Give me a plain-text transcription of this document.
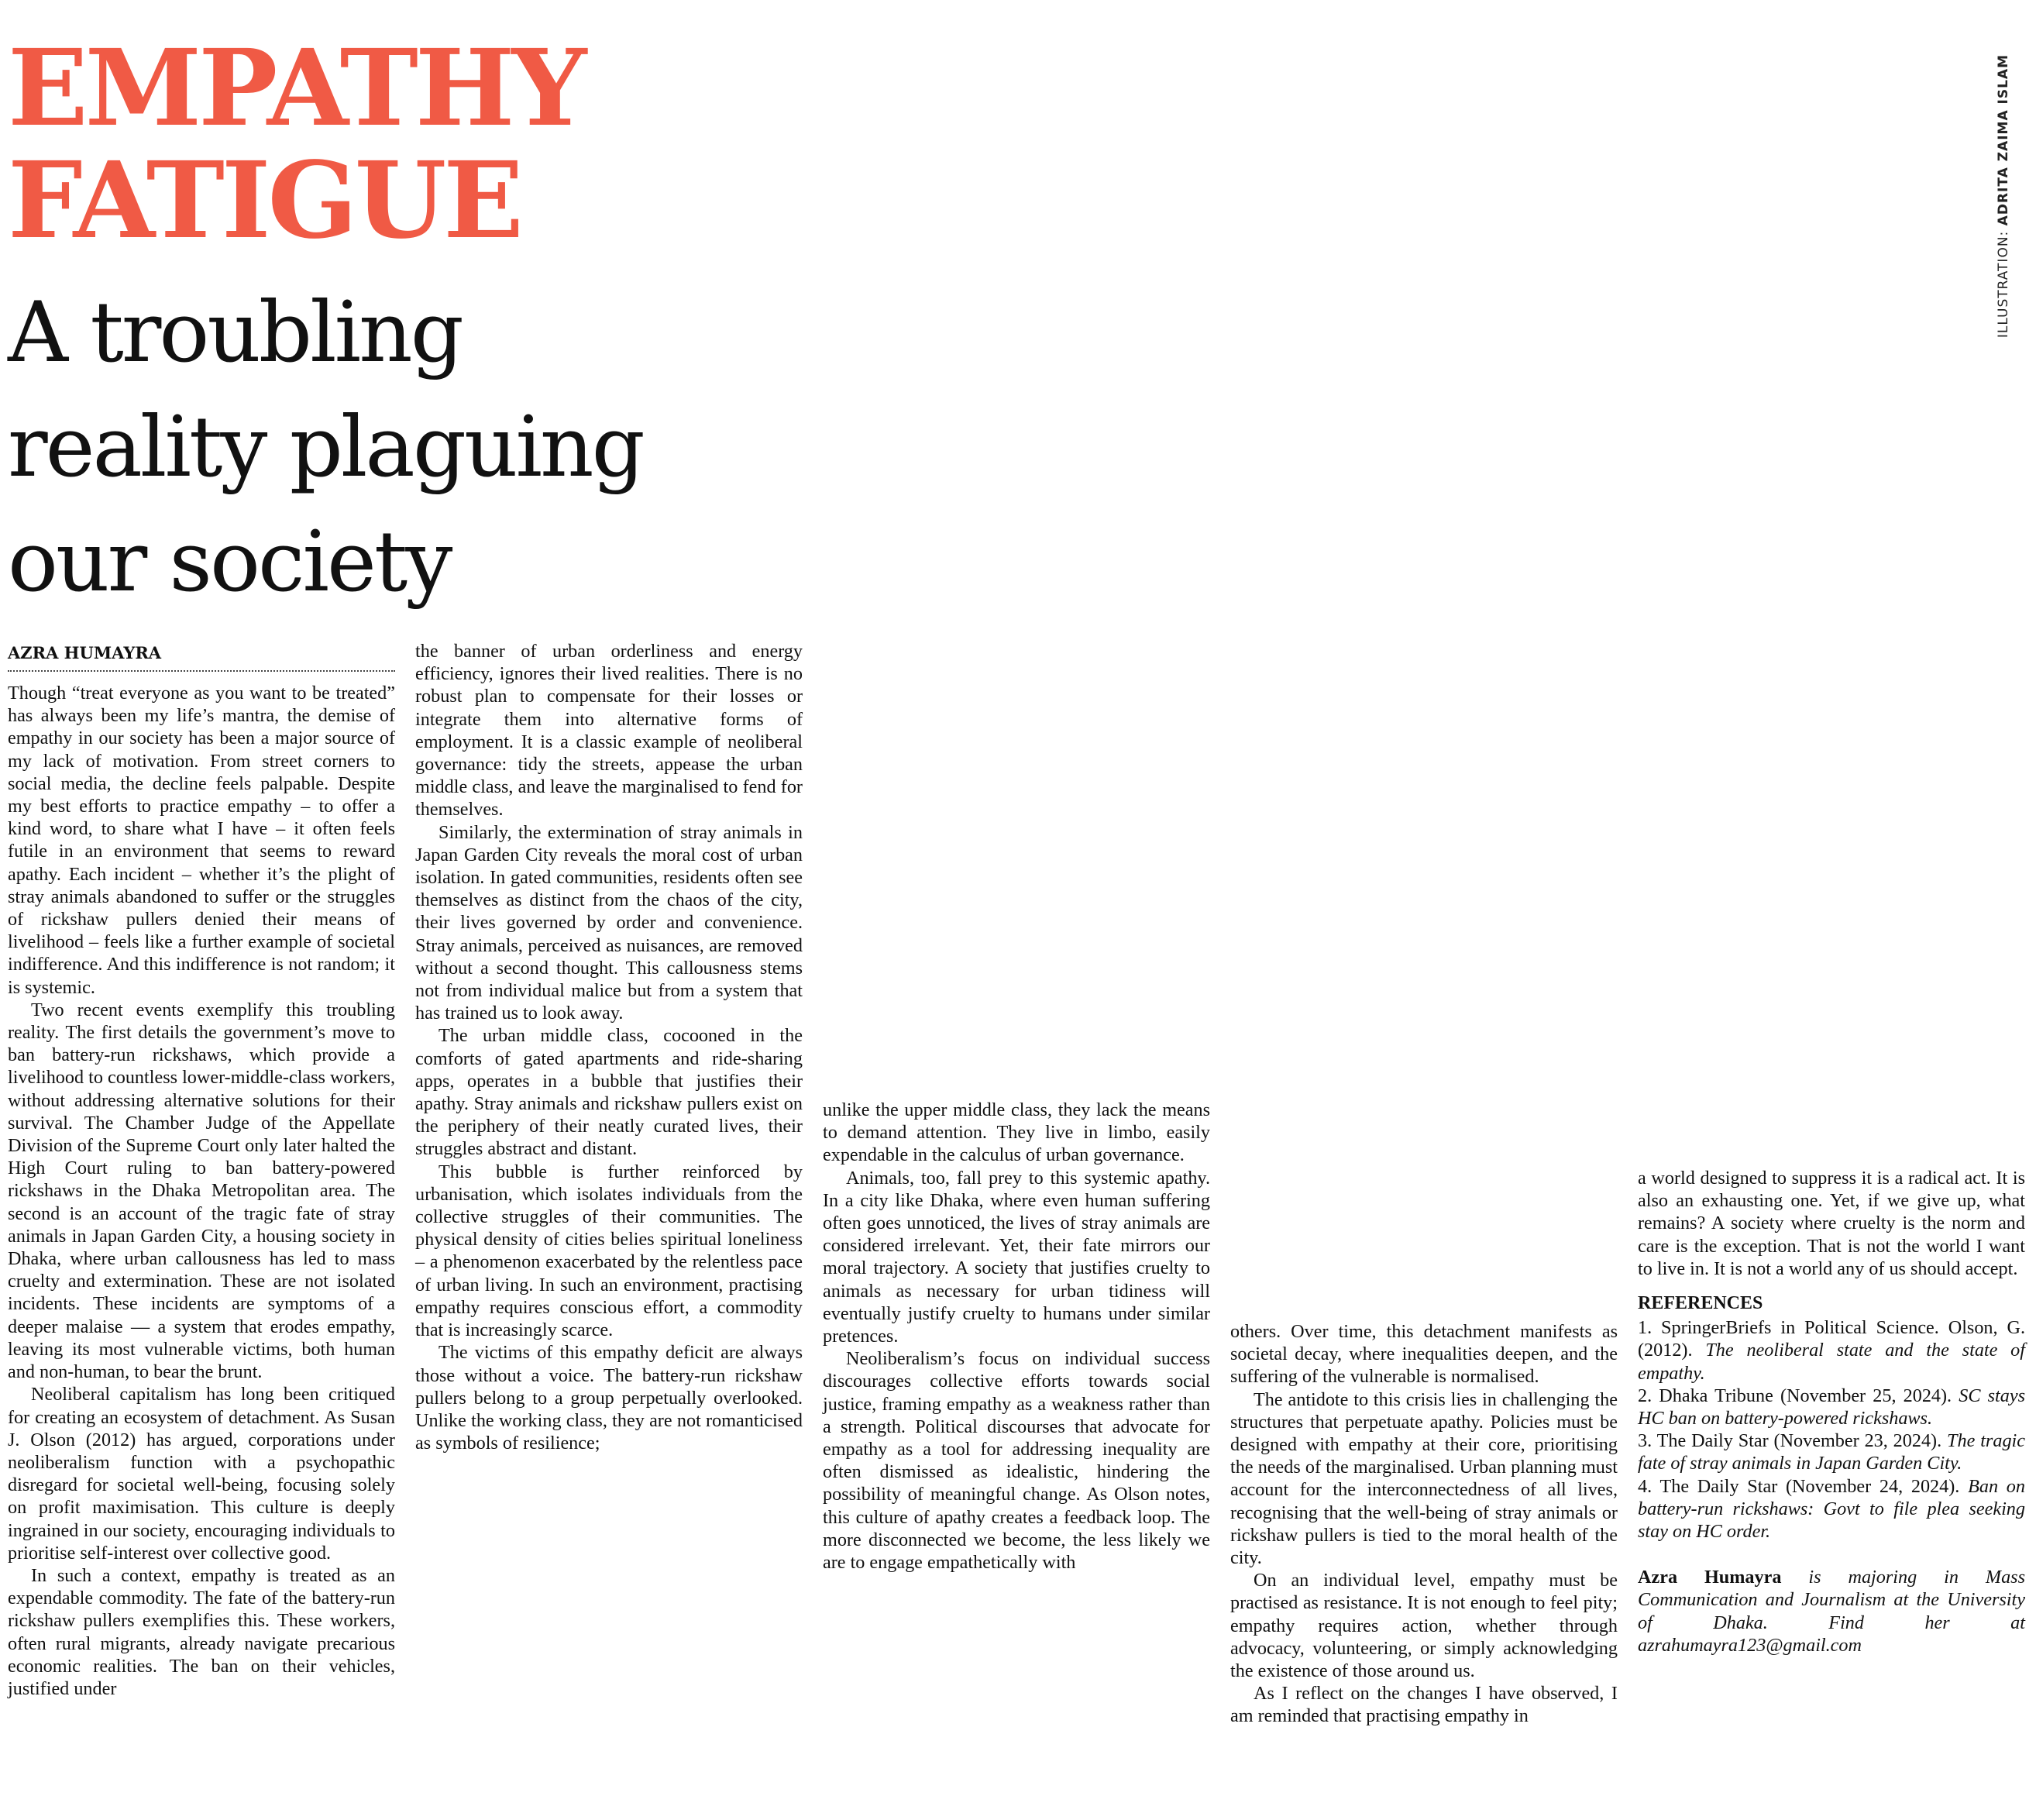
EMPATHY
FATIGUE
A troubling
reality plaguing
our society
ILLUSTRATION: ADRITA ZAIMA ISLAM
AZRA HUMAYRA

Though “treat everyone as you want to be treated” has always been my life’s mantra, the demise of empathy in our society has been a major source of my lack of motivation. From street corners to social media, the decline feels palpable. Despite my best efforts to practice empathy – to offer a kind word, to share what I have – it often feels futile in an environment that seems to reward apathy. Each incident – whether it’s the plight of stray animals abandoned to suffer or the struggles of rickshaw pullers denied their means of livelihood – feels like a further example of societal indifference. And this indifference is not random; it is systemic.

Two recent events exemplify this troubling reality. The first details the government’s move to ban battery-run rickshaws, which provide a livelihood to countless lower-middle-class workers, without addressing alternative solutions for their survival. The Chamber Judge of the Appellate Division of the Supreme Court only later halted the High Court ruling to ban battery-powered rickshaws in the Dhaka Metropolitan area. The second is an account of the tragic fate of stray animals in Japan Garden City, a housing society in Dhaka, where urban callousness has led to mass cruelty and extermination. These are not isolated incidents. These incidents are symptoms of a deeper malaise — a system that erodes empathy, leaving its most vulnerable victims, both human and non-human, to bear the brunt.

Neoliberal capitalism has long been critiqued for creating an ecosystem of detachment. As Susan J. Olson (2012) has argued, corporations under neoliberalism function with a psychopathic disregard for societal well-being, focusing solely on profit maximisation. This culture is deeply ingrained in our society, encouraging individuals to prioritise self-interest over collective good.

In such a context, empathy is treated as an expendable commodity. The fate of the battery-run rickshaw pullers exemplifies this. These workers, often rural migrants, already navigate precarious economic realities. The ban on their vehicles, justified under

the banner of urban orderliness and energy efficiency, ignores their lived realities. There is no robust plan to compensate for their losses or integrate them into alternative forms of employment. It is a classic example of neoliberal governance: tidy the streets, appease the urban middle class, and leave the marginalised to fend for themselves.

Similarly, the extermination of stray animals in Japan Garden City reveals the moral cost of urban isolation. In gated communities, residents often see themselves as distinct from the chaos of the city, their lives governed by order and convenience. Stray animals, perceived as nuisances, are removed without a second thought. This callousness stems not from individual malice but from a system that has trained us to look away.

The urban middle class, cocooned in the comforts of gated apartments and ride-sharing apps, operates in a bubble that justifies their apathy. Stray animals and rickshaw pullers exist on the periphery of their neatly curated lives, their struggles abstract and distant.

This bubble is further reinforced by urbanisation, which isolates individuals from the collective struggles of their communities. The physical density of cities belies spiritual loneliness – a phenomenon exacerbated by the relentless pace of urban living. In such an environment, practising empathy requires conscious effort, a commodity that is increasingly scarce.

The victims of this empathy deficit are always those without a voice. The battery-run rickshaw pullers belong to a group perpetually overlooked. Unlike the working class, they are not romanticised as symbols of resilience;

unlike the upper middle class, they lack the means to demand attention. They live in limbo, easily expendable in the calculus of urban governance.

Animals, too, fall prey to this systemic apathy. In a city like Dhaka, where even human suffering often goes unnoticed, the lives of stray animals are considered irrelevant. Yet, their fate mirrors our moral trajectory. A society that justifies cruelty to animals as necessary for urban tidiness will eventually justify cruelty to humans under similar pretences.

Neoliberalism’s focus on individual success discourages collective efforts towards social justice, framing empathy as a weakness rather than a strength. Political discourses that advocate for empathy as a tool for addressing inequality are often dismissed as idealistic, hindering the possibility of meaningful change. As Olson notes, this culture of apathy creates a feedback loop. The more disconnected we become, the less likely we are to engage empathetically with

others. Over time, this detachment manifests as societal decay, where inequalities deepen, and the suffering of the vulnerable is normalised.

The antidote to this crisis lies in challenging the structures that perpetuate apathy. Policies must be designed with empathy at their core, prioritising the needs of the marginalised. Urban planning must account for the interconnectedness of all lives, recognising that the well-being of stray animals or rickshaw pullers is tied to the moral health of the city.

On an individual level, empathy must be practised as resistance. It is not enough to feel pity; empathy requires action, whether through advocacy, volunteering, or simply acknowledging the existence of those around us.

As I reflect on the changes I have observed, I am reminded that practising empathy in

a world designed to suppress it is a radical act. It is also an exhausting one. Yet, if we give up, what remains? A society where cruelty is the norm and care is the exception. That is not the world I want to live in. It is not a world any of us should accept.

REFERENCES

1. SpringerBriefs in Political Science. Olson, G. (2012). The neoliberal state and the state of empathy.

2. Dhaka Tribune (November 25, 2024). SC stays HC ban on battery-powered rickshaws.

3. The Daily Star (November 23, 2024). The tragic fate of stray animals in Japan Garden City.

4. The Daily Star (November 24, 2024). Ban on battery-run rickshaws: Govt to file plea seeking stay on HC order.

Azra Humayra is majoring in Mass Communication and Journalism at the University of Dhaka. Find her at azrahumayra123@gmail.com
